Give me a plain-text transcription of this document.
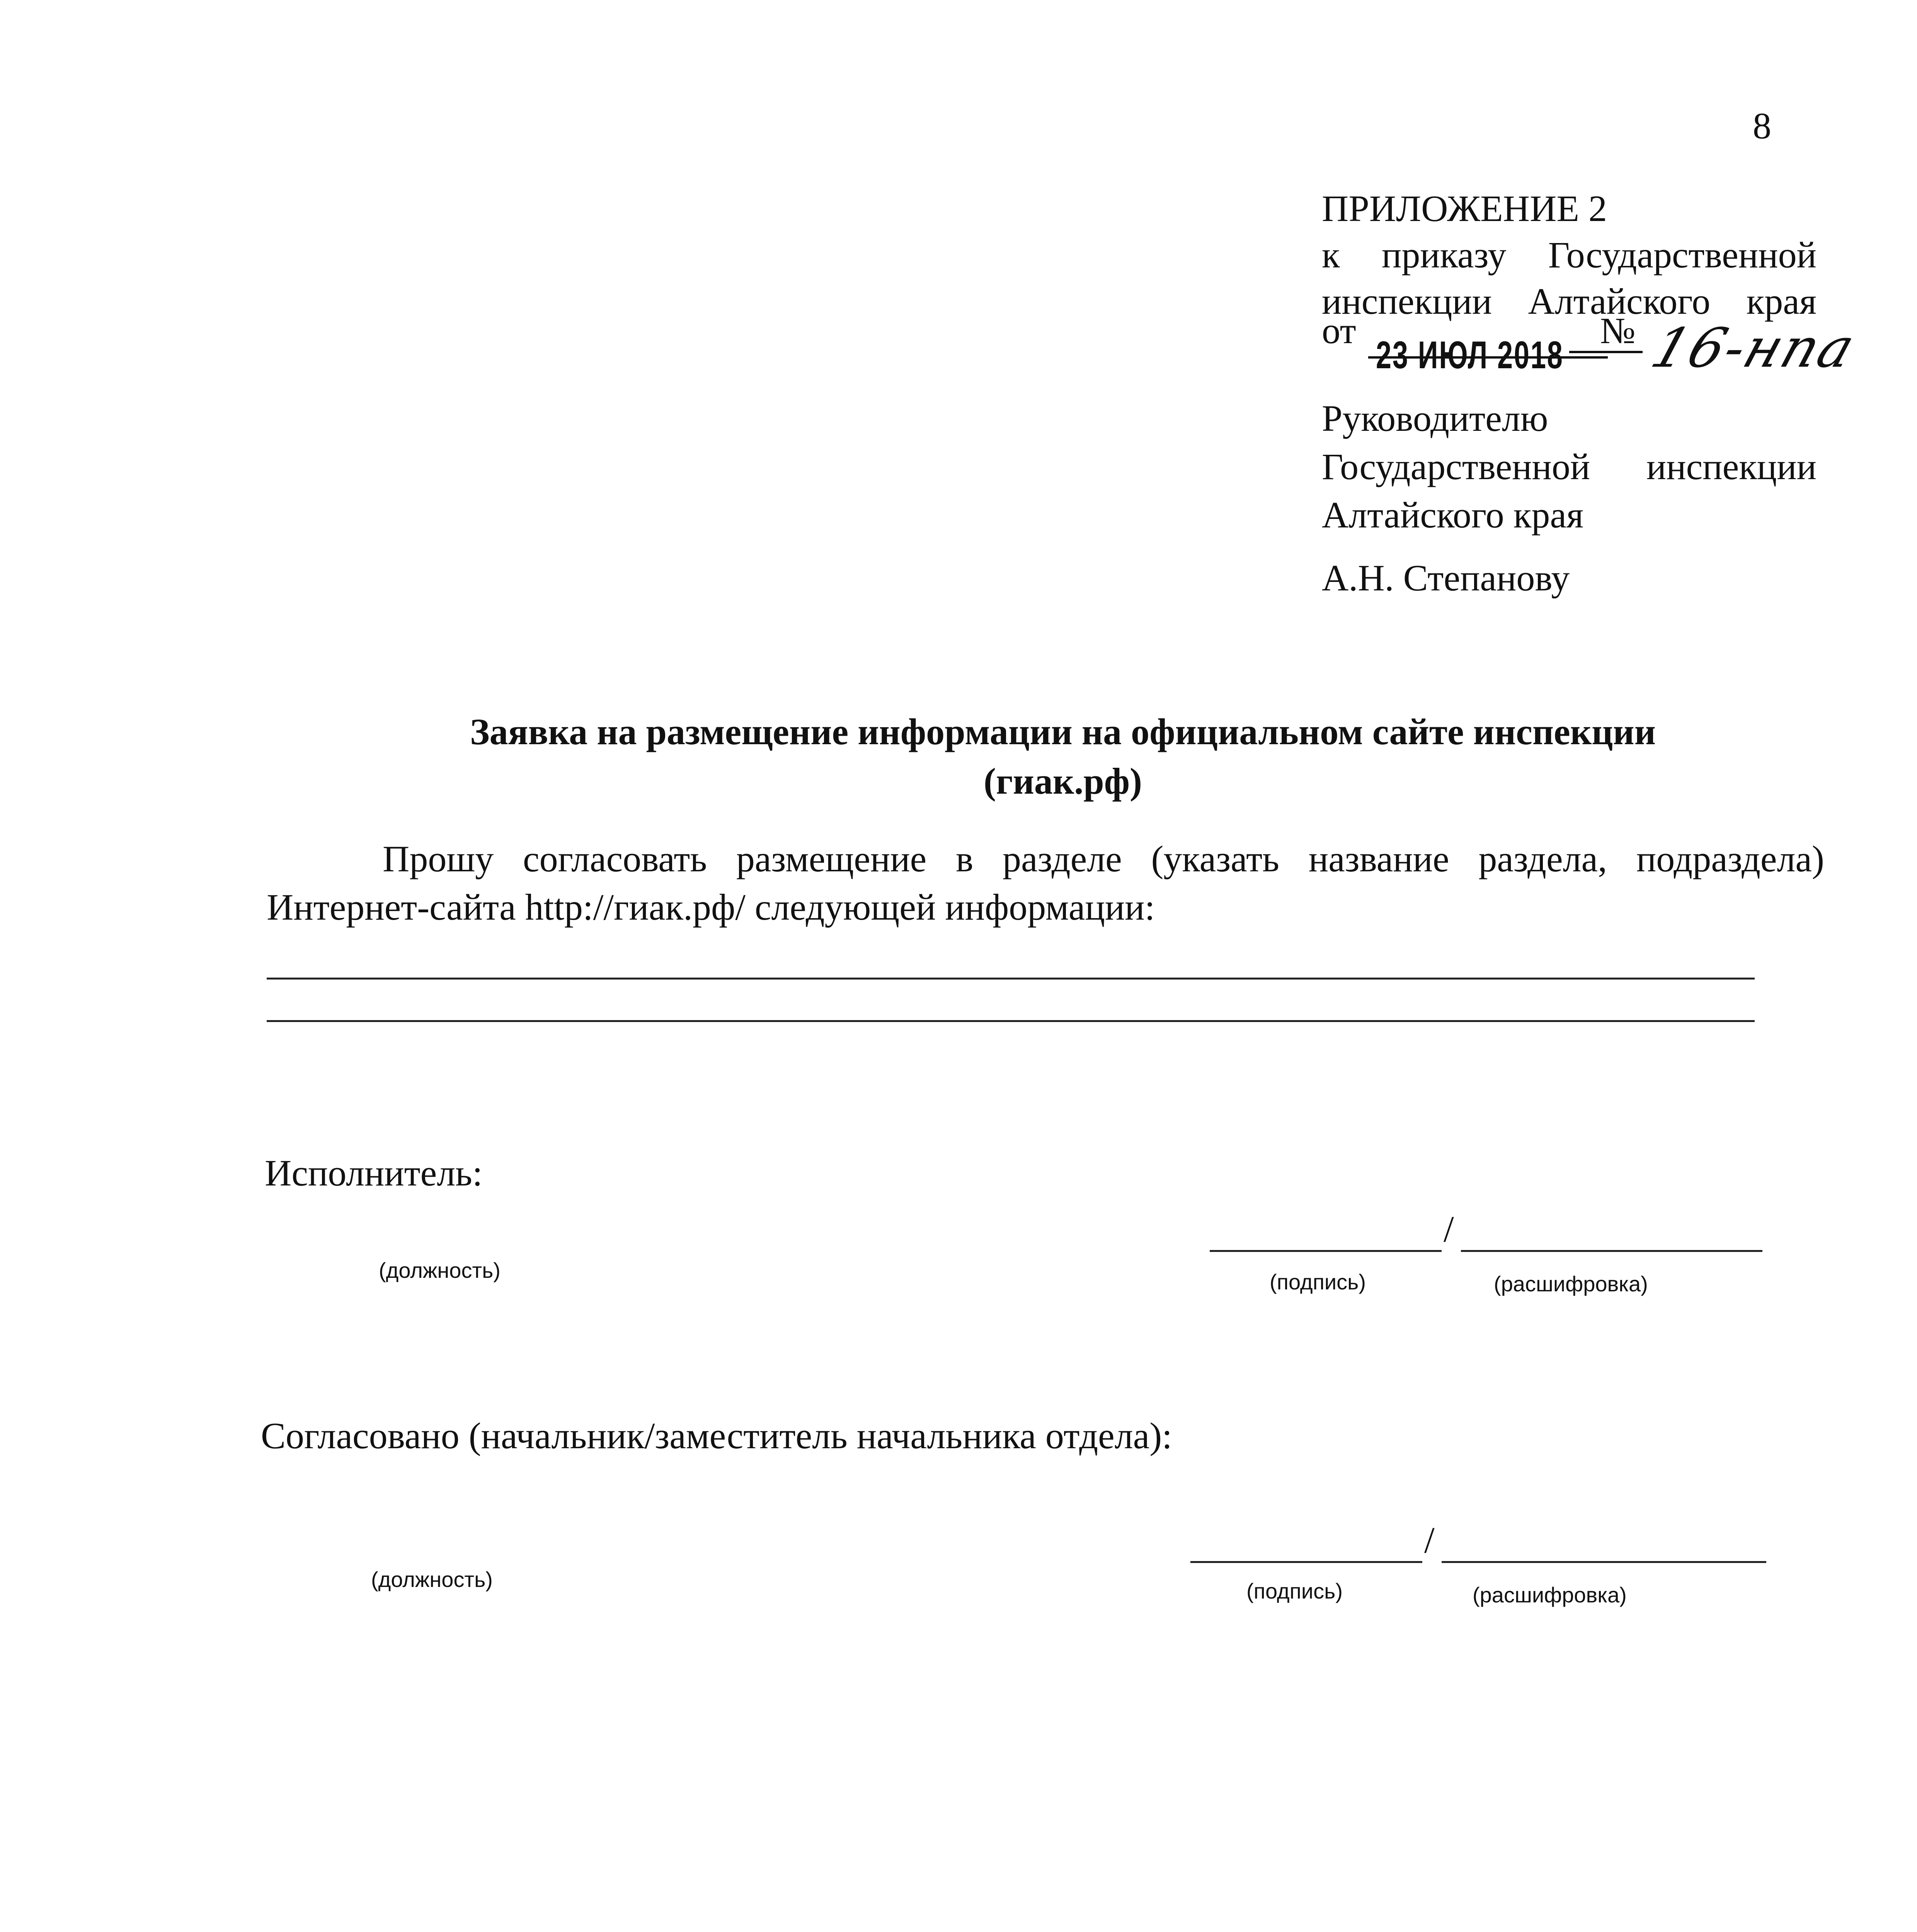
8
ПРИЛОЖЕНИЕ 2
к приказу Государственной
инспекции Алтайского края
от
23 ИЮЛ 2018
№ 16-нпа
Руководителю
Государственной инспекции
Алтайского края
А.Н. Степанову
Заявка на размещение информации на официальном сайте инспекции
(гиак.рф)
Прошу согласовать размещение в разделе (указать название раздела, подраздела)
Интернет-сайта http://гиак.рф/ следующей информации:
Исполнитель:
(должность)
/
(подпись)	(расшифровка)
Согласовано (начальник/заместитель начальника отдела):
(должность)
/
(подпись)	(расшифровка)
